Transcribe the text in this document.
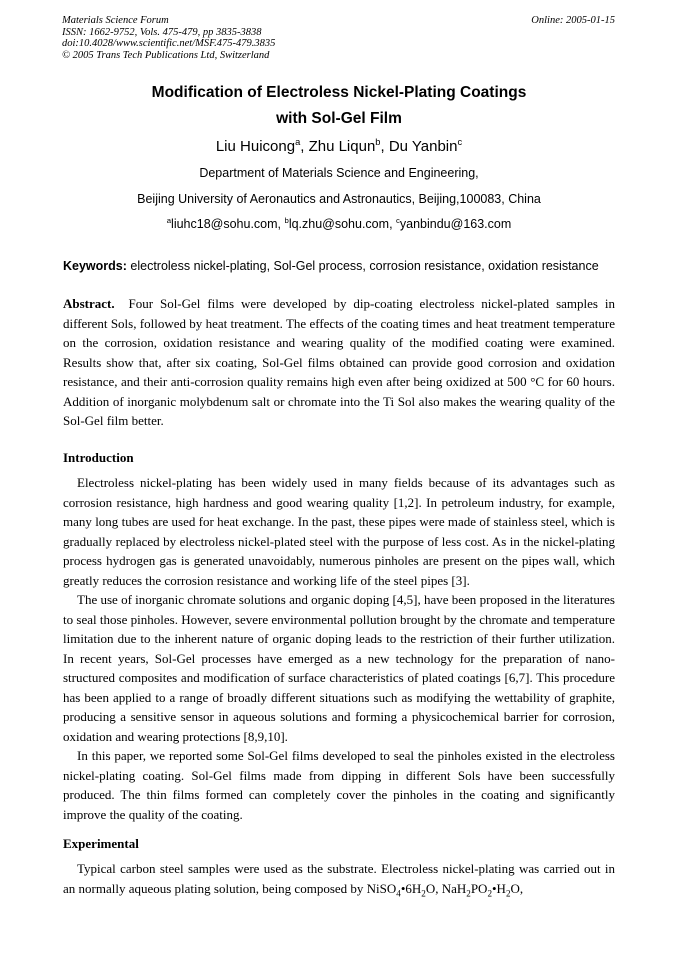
Materials Science Forum
ISSN: 1662-9752, Vols. 475-479, pp 3835-3838
doi:10.4028/www.scientific.net/MSF.475-479.3835
© 2005 Trans Tech Publications Ltd, Switzerland
Online: 2005-01-15
Modification of Electroless Nickel-Plating Coatings
with Sol-Gel Film
Liu Huicong$^a$, Zhu Liqun$^b$, Du Yanbin$^c$
Department of Materials Science and Engineering,
Beijing University of Aeronautics and Astronautics, Beijing,100083, China
$^a$liuhc18@sohu.com, $^b$lq.zhu@sohu.com, $^c$yanbindu@163.com
Keywords: electroless nickel-plating, Sol-Gel process, corrosion resistance, oxidation resistance

Abstract. Four Sol-Gel films were developed by dip-coating electroless nickel-plated samples in different Sols, followed by heat treatment. The effects of the coating times and heat treatment temperature on the corrosion, oxidation resistance and wearing quality of the modified coating were examined. Results show that, after six coating, Sol-Gel films obtained can provide good corrosion and oxidation resistance, and their anti-corrosion quality remains high even after being oxidized at 500 °C for 60 hours. Addition of inorganic molybdenum salt or chromate into the Ti Sol also makes the wearing quality of the Sol-Gel film better.

Introduction

Electroless nickel-plating has been widely used in many fields because of its advantages such as corrosion resistance, high hardness and good wearing quality [1,2]. In petroleum industry, for example, many long tubes are used for heat exchange. In the past, these pipes were made of stainless steel, which is gradually replaced by electroless nickel-plated steel with the purpose of less cost. As in the nickel-plating process hydrogen gas is generated unavoidably, numerous pinholes are present on the pipes wall, which greatly reduces the corrosion resistance and working life of the steel pipes [3].

The use of inorganic chromate solutions and organic doping [4,5], have been proposed in the literatures to seal those pinholes. However, severe environmental pollution brought by the chromate and temperature limitation due to the inherent nature of organic doping leads to the restriction of their further utilization. In recent years, Sol-Gel processes have emerged as a new technology for the preparation of nano-structured composites and modification of surface characteristics of plated coatings [6,7]. This procedure has been applied to a range of broadly different situations such as modifying the wettability of graphite, producing a sensitive sensor in aqueous solutions and forming a physicochemical barrier for corrosion, oxidation and wearing protections [8,9,10].

In this paper, we reported some Sol-Gel films developed to seal the pinholes existed in the electroless nickel-plating coating. Sol-Gel films made from dipping in different Sols have been successfully produced. The thin films formed can completely cover the pinholes in the coating and significantly improve the quality of the coating.

Experimental

Typical carbon steel samples were used as the substrate. Electroless nickel-plating was carried out in an normally aqueous plating solution, being composed by $NiSO_4•6H_2O$, $NaH_2PO_2•H_2O$,
